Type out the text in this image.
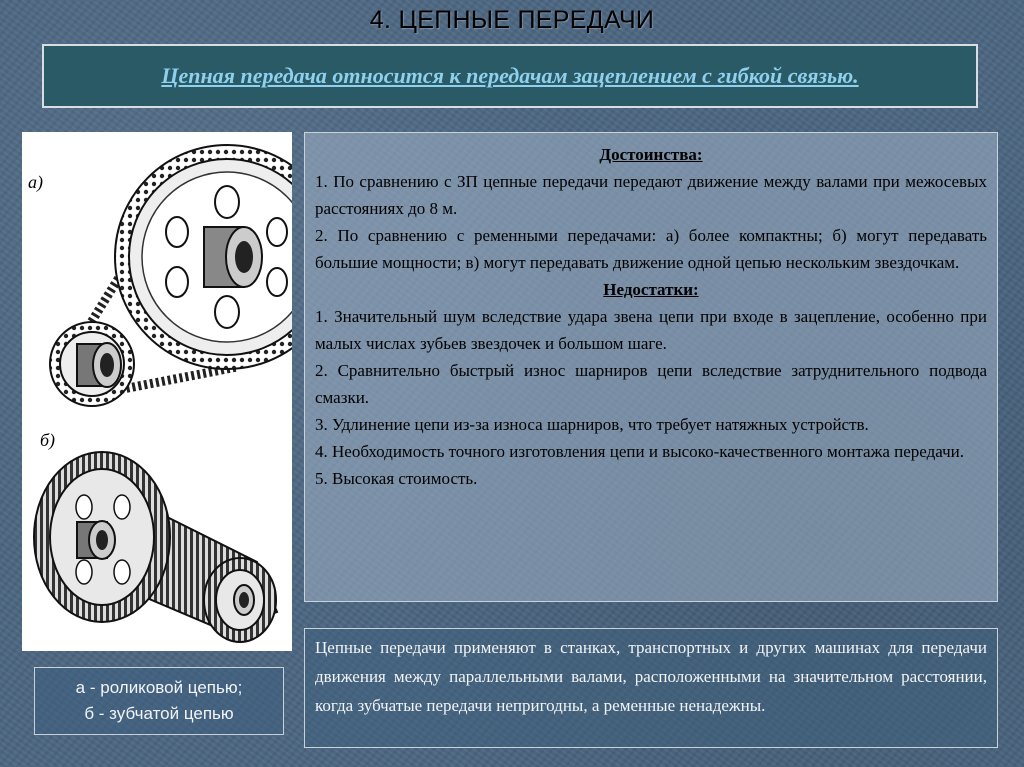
4. ЦЕПНЫЕ ПЕРЕДАЧИ
Цепная передача относится к передачам зацеплением с гибкой связью.
а)
б)
а - роликовой цепью;
б - зубчатой цепью

Достоинства:

1. По сравнению с ЗП цепные передачи передают движение между валами при межосевых расстояниях до 8 м.

2. По сравнению с ременными передачами: а) более компактны; б) могут передавать большие мощности; в) могут передавать движение одной цепью нескольким звездочкам.

Недостатки:

1. Значительный шум вследствие удара звена цепи при входе в зацепление, особенно при малых числах зубьев звездочек и большом шаге.

2. Сравнительно быстрый износ шарниров цепи вследствие затруднительного подвода смазки.

3. Удлинение цепи из-за износа шарниров, что требует натяжных устройств.

4. Необходимость точного изготовления цепи и высоко-качественного монтажа передачи.

5. Высокая стоимость.

Цепные передачи применяют в станках, транспортных и других машинах для передачи движения между параллельными валами, расположенными на значительном расстоянии, когда зубчатые передачи непригодны, а ременные ненадежны.
